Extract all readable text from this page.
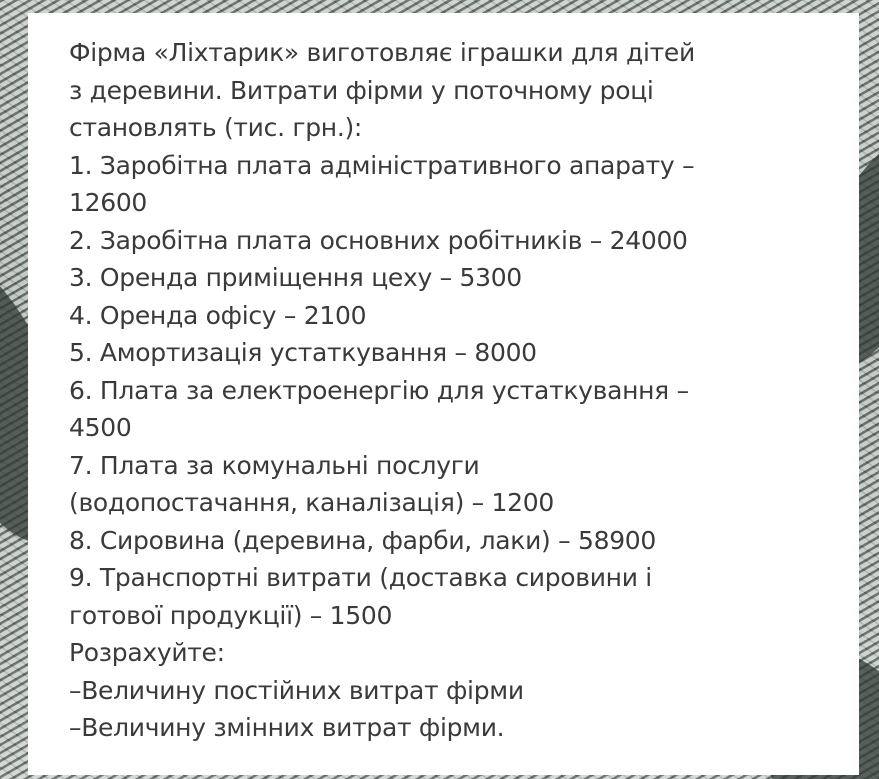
Фірма «Ліхтарик» виготовляє іграшки для дітей
з деревини. Витрати фірми у поточному році
становлять (тис. грн.):
1. Заробітна плата адміністративного апарату –
12600
2. Заробітна плата основних робітників – 24000
3. Оренда приміщення цеху – 5300
4. Оренда офісу – 2100
5. Амортизація устаткування – 8000
6. Плата за електроенергію для устаткування –
4500
7. Плата за комунальні послуги
(водопостачання, каналізація) – 1200
8. Сировина (деревина, фарби, лаки) – 58900
9. Транспортні витрати (доставка сировини і
готової продукції) – 1500
Розрахуйте:
–Величину постійних витрат фірми
–Величину змінних витрат фірми.
